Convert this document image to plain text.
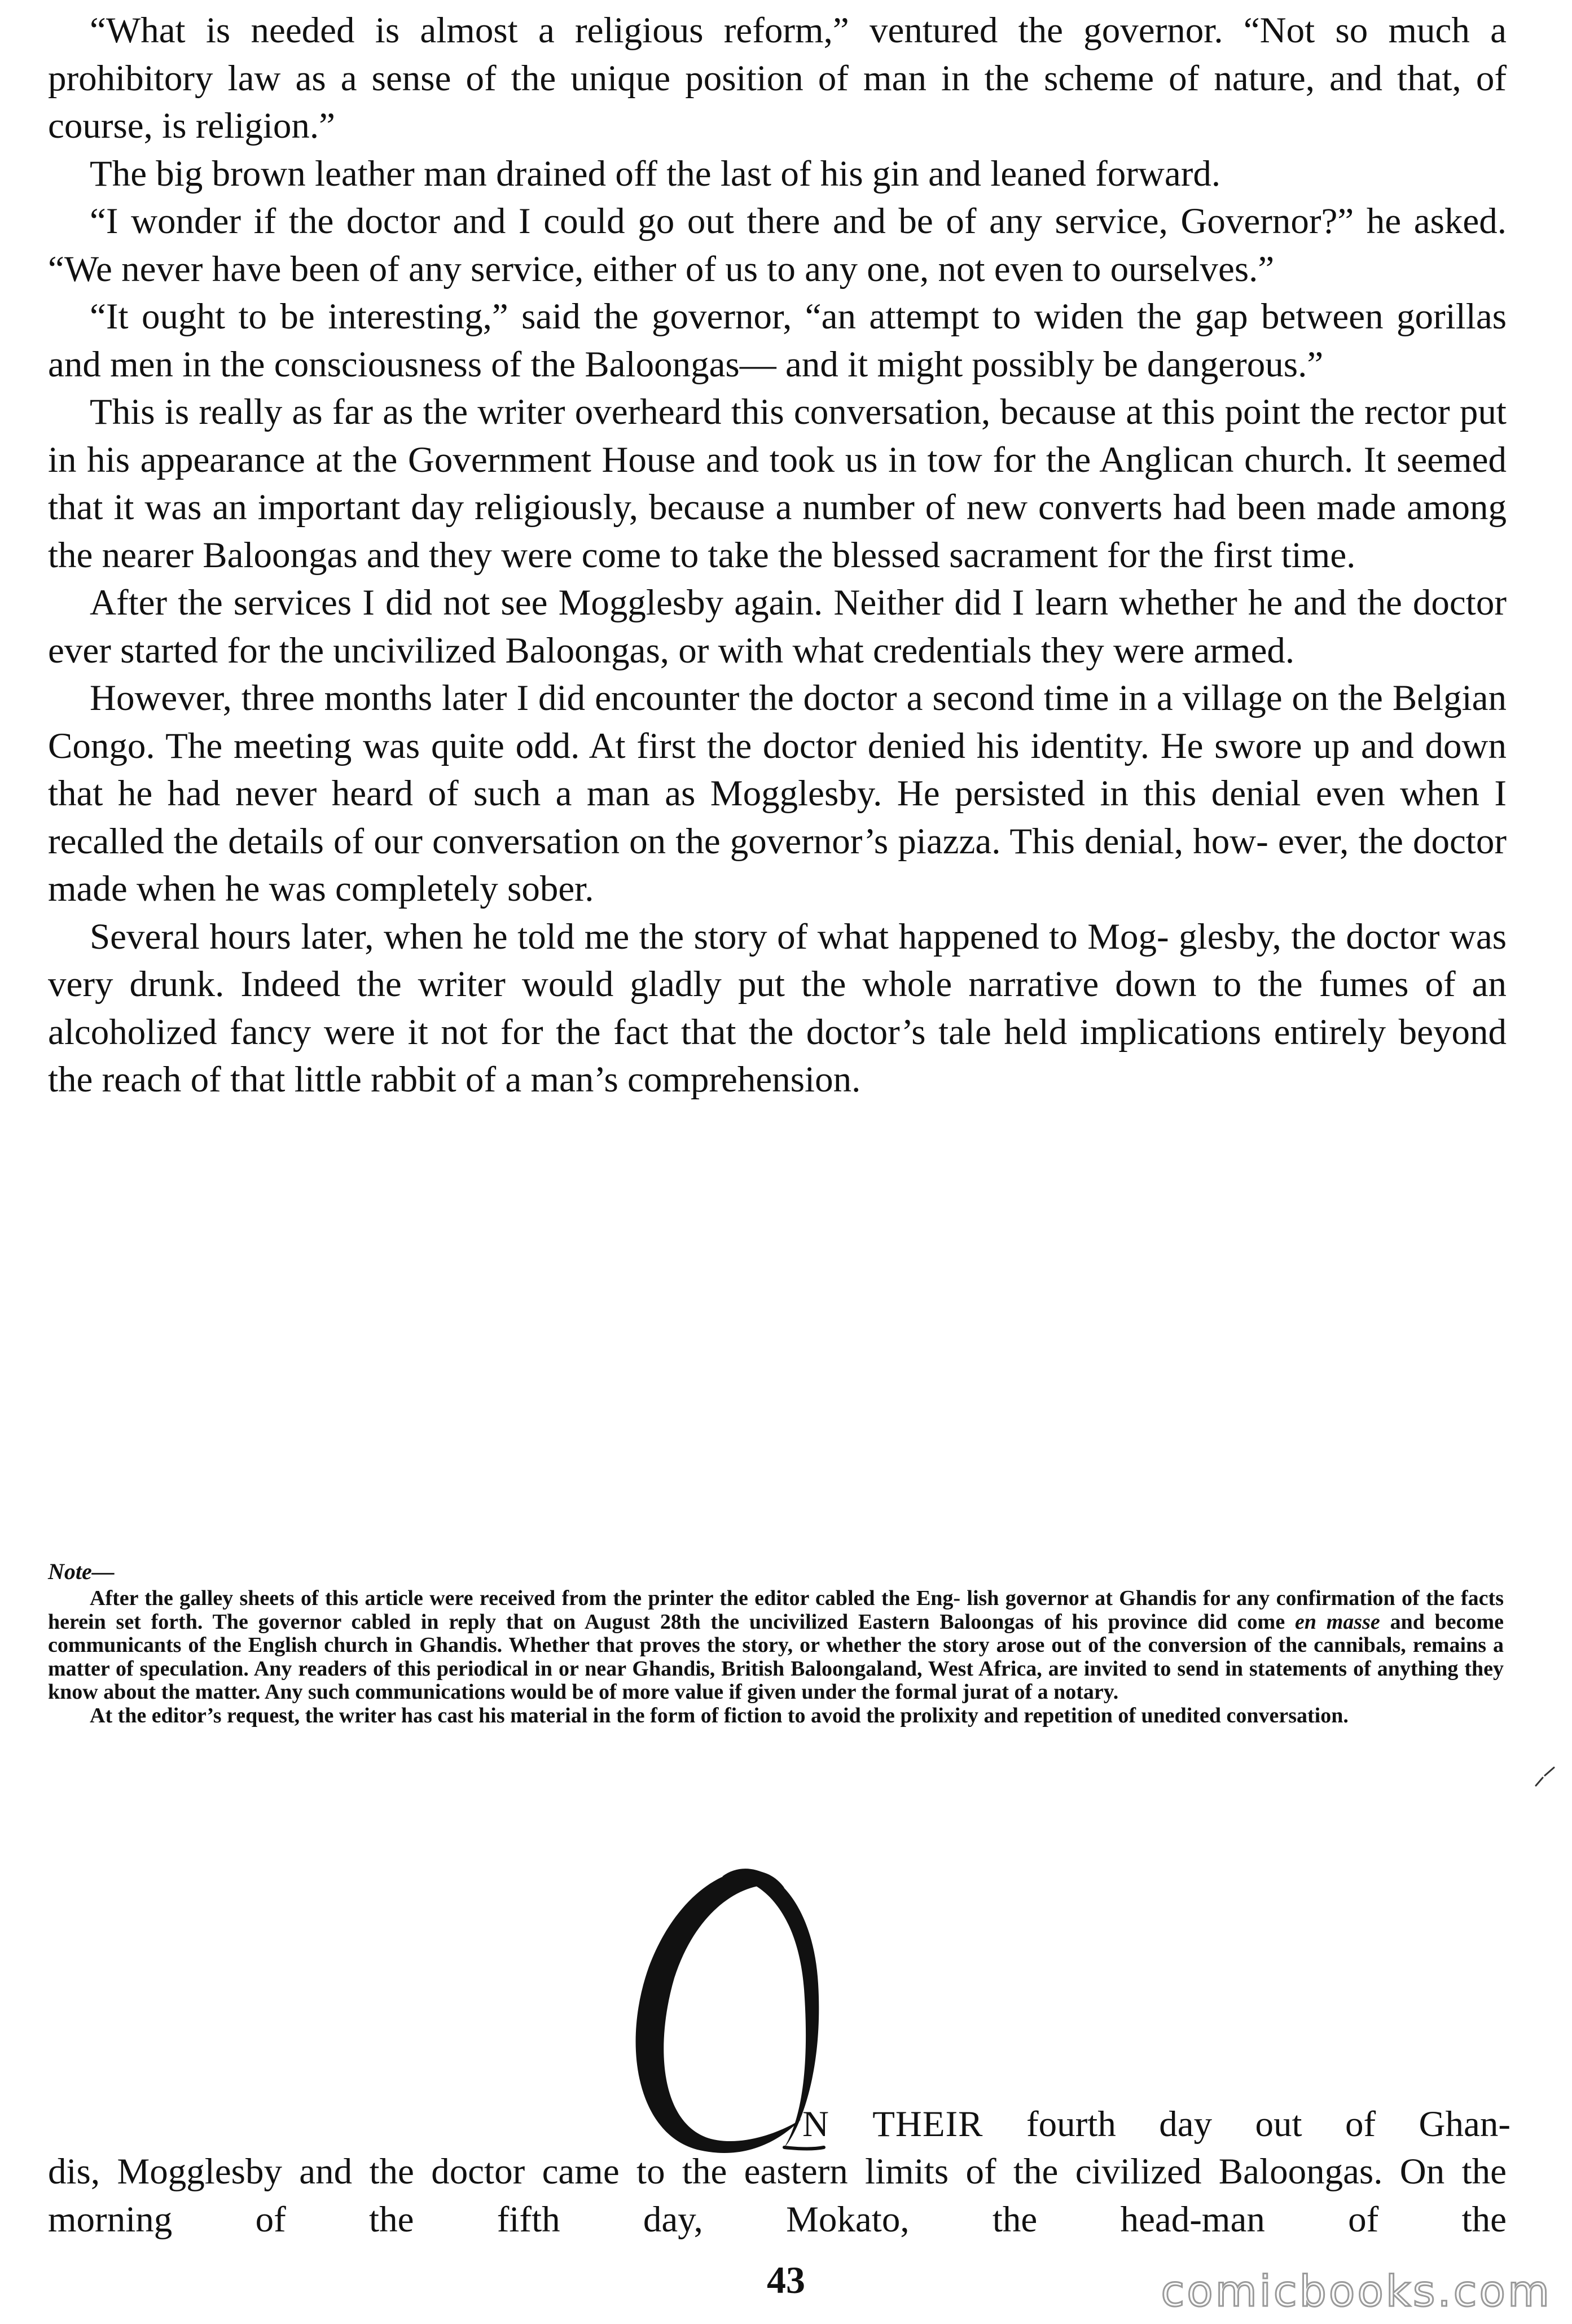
“What is needed is almost a religious reform,” ventured the governor. “Not so much a prohibitory law as a sense of the unique position of man in the scheme of nature, and that, of course, is religion.”

The big brown leather man drained off the last of his gin and leaned forward.

“I wonder if the doctor and I could go out there and be of any service, Governor?” he asked. “We never have been of any service, either of us to any one, not even to ourselves.”

“It ought to be interesting,” said the governor, “an attempt to widen the gap between gorillas and men in the consciousness of the Baloongas— and it might possibly be dangerous.”

This is really as far as the writer overheard this conversation, because at this point the rector put in his appearance at the Government House and took us in tow for the Anglican church. It seemed that it was an important day religiously, because a number of new converts had been made among the nearer Baloongas and they were come to take the blessed sacrament for the first time.

After the services I did not see Mogglesby again. Neither did I learn whether he and the doctor ever started for the uncivilized Baloongas, or with what credentials they were armed.

However, three months later I did encounter the doctor a second time in a village on the Belgian Congo. The meeting was quite odd. At first the doctor denied his identity. He swore up and down that he had never heard of such a man as Mogglesby. He persisted in this denial even when I recalled the details of our conversation on the governor’s piazza. This denial, how- ever, the doctor made when he was completely sober.

Several hours later, when he told me the story of what happened to Mog- glesby, the doctor was very drunk. Indeed the writer would gladly put the whole narrative down to the fumes of an alcoholized fancy were it not for the fact that the doctor’s tale held implications entirely beyond the reach of that little rabbit of a man’s comprehension.

Note—

After the galley sheets of this article were received from the printer the editor cabled the Eng- lish governor at Ghandis for any confirmation of the facts herein set forth. The governor cabled in reply that on August 28th the uncivilized Eastern Baloongas of his province did come en masse and become communicants of the English church in Ghandis. Whether that proves the story, or whether the story arose out of the conversion of the cannibals, remains a matter of speculation. Any readers of this periodical in or near Ghandis, British Baloongaland, West Africa, are invited to send in statements of anything they know about the matter. Any such communications would be of more value if given under the formal jurat of a notary.

At the editor’s request, the writer has cast his material in the form of fiction to avoid the prolixity and repetition of unedited conversation.

N THEIR fourth day out of Ghan-
dis, Mogglesby and the doctor came to the eastern limits of the civilized Baloongas. On the morning of the fifth day, Mokato, the head-man of the
43	comicbooks.com
